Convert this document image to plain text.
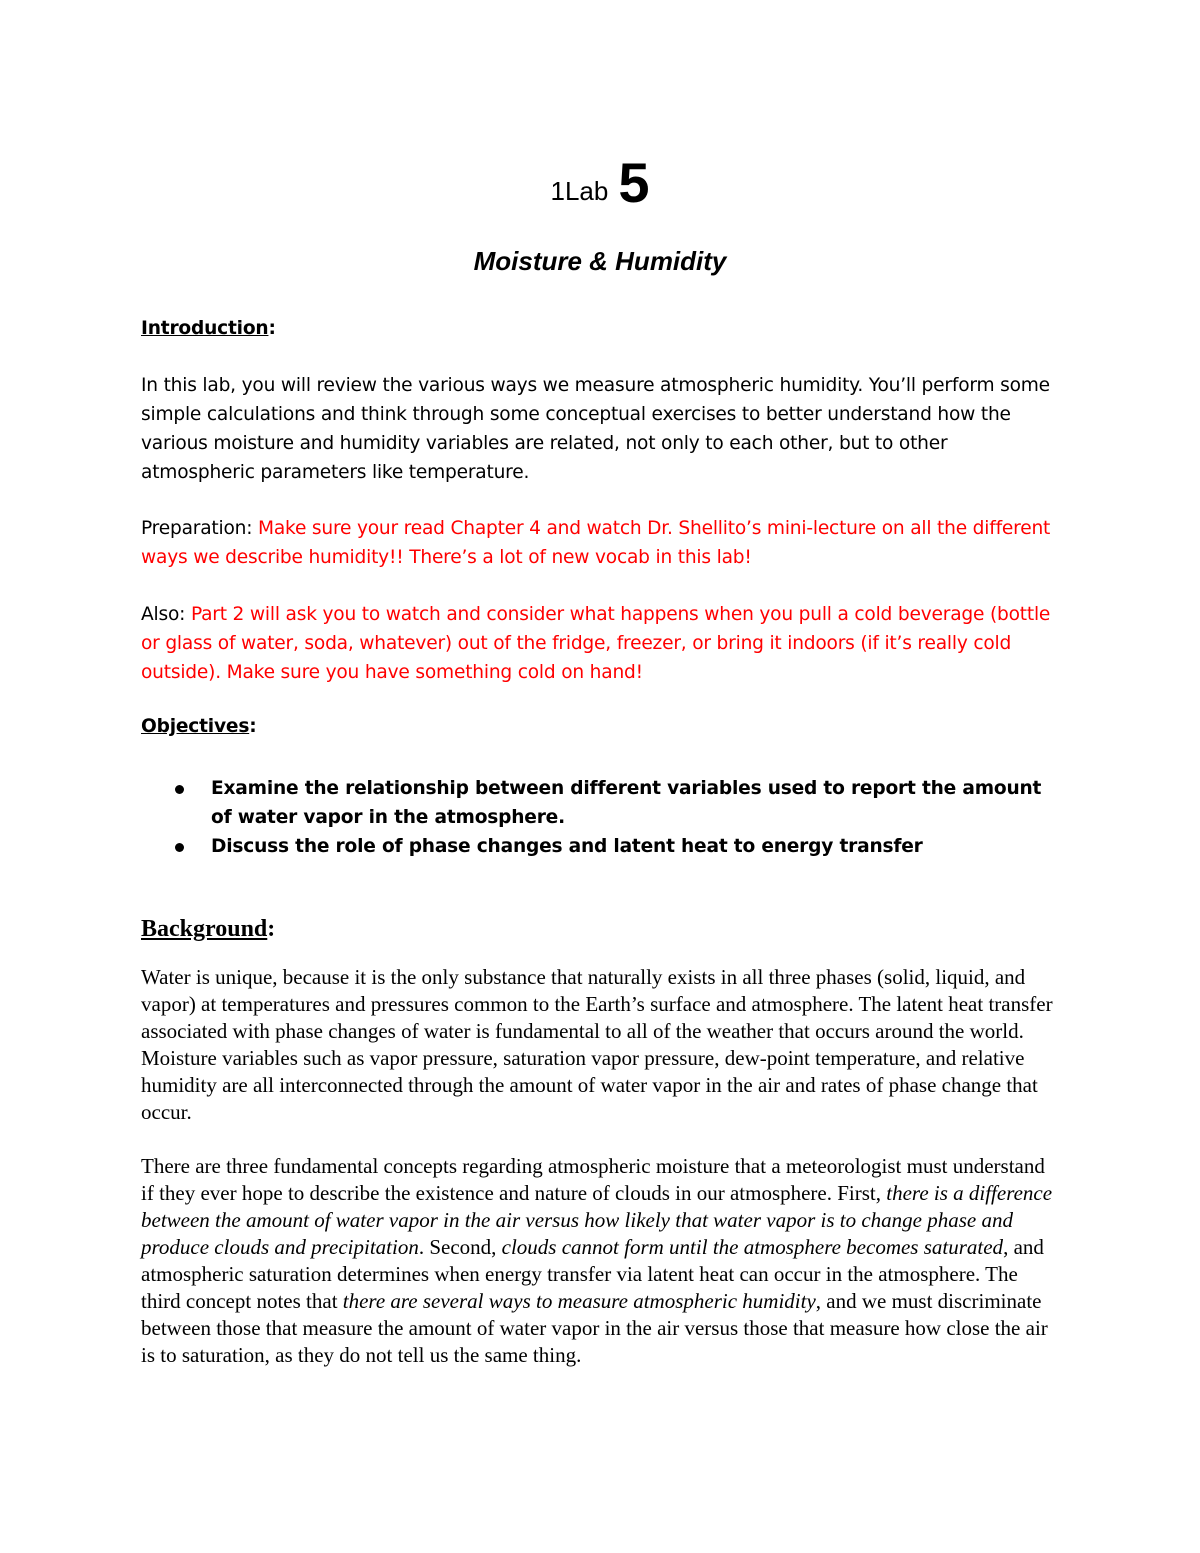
1Lab 5
Moisture & Humidity

Introduction:

In this lab, you will review the various ways we measure atmospheric humidity. You’ll perform some simple calculations and think through some conceptual exercises to better understand how the various moisture and humidity variables are related, not only to each other, but to other atmospheric parameters like temperature.

Preparation: Make sure your read Chapter 4 and watch Dr. Shellito’s mini-lecture on all the different ways we describe humidity!! There’s a lot of new vocab in this lab!

Also: Part 2 will ask you to watch and consider what happens when you pull a cold beverage (bottle or glass of water, soda, whatever) out of the fridge, freezer, or bring it indoors (if it’s really cold outside). Make sure you have something cold on hand!

Objectives:

Examine the relationship between different variables used to report the amount of water vapor in the atmosphere.
Discuss the role of phase changes and latent heat to energy transfer

Background:

Water is unique, because it is the only substance that naturally exists in all three phases (solid, liquid, and vapor) at temperatures and pressures common to the Earth’s surface and atmosphere. The latent heat transfer associated with phase changes of water is fundamental to all of the weather that occurs around the world. Moisture variables such as vapor pressure, saturation vapor pressure, dew-point temperature, and relative humidity are all interconnected through the amount of water vapor in the air and rates of phase change that occur.

There are three fundamental concepts regarding atmospheric moisture that a meteorologist must understand if they ever hope to describe the existence and nature of clouds in our atmosphere. First, there is a difference between the amount of water vapor in the air versus how likely that water vapor is to change phase and produce clouds and precipitation. Second, clouds cannot form until the atmosphere becomes saturated, and atmospheric saturation determines when energy transfer via latent heat can occur in the atmosphere. The third concept notes that there are several ways to measure atmospheric humidity, and we must discriminate between those that measure the amount of water vapor in the air versus those that measure how close the air is to saturation, as they do not tell us the same thing.
